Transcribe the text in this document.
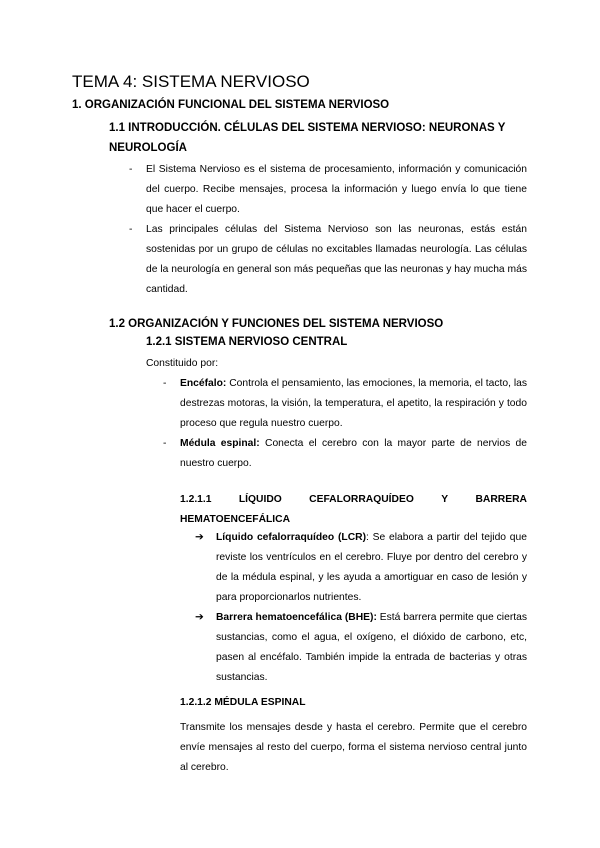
TEMA 4: SISTEMA NERVIOSO
1. ORGANIZACIÓN FUNCIONAL DEL SISTEMA NERVIOSO
1.1 INTRODUCCIÓN. CÉLULAS DEL SISTEMA NERVIOSO: NEURONAS Y NEUROLOGÍA
- El Sistema Nervioso es el sistema de procesamiento, información y comunicación del cuerpo. Recibe mensajes, procesa la información y luego envía lo que tiene que hacer el cuerpo.

- Las principales células del Sistema Nervioso son las neuronas, estás están sostenidas por un grupo de células no excitables llamadas neurología. Las células de la neurología en general son más pequeñas que las neuronas y hay mucha más cantidad.

1.2 ORGANIZACIÓN Y FUNCIONES DEL SISTEMA NERVIOSO
1.2.1 SISTEMA NERVIOSO CENTRAL

Constituido por:

- Encéfalo: Controla el pensamiento, las emociones, la memoria, el tacto, las destrezas motoras, la visión, la temperatura, el apetito, la respiración y todo proceso que regula nuestro cuerpo.

- Médula espinal: Conecta el cerebro con la mayor parte de nervios de nuestro cuerpo.

1.2.1.1	LÍQUIDO	CEFALORRAQUÍDEO	Y	BARRERA
HEMATOENCEFÁLICA
➔ Líquido cefalorraquídeo (LCR): Se elabora a partir del tejido que reviste los ventrículos en el cerebro. Fluye por dentro del cerebro y de la médula espinal, y les ayuda a amortiguar en caso de lesión y para proporcionarlos nutrientes.

➔ Barrera hematoencefálica (BHE): Está barrera permite que ciertas sustancias, como el agua, el oxígeno, el dióxido de carbono, etc, pasen al encéfalo. También impide la entrada de bacterias y otras sustancias.

1.2.1.2 MÉDULA ESPINAL

Transmite los mensajes desde y hasta el cerebro. Permite que el cerebro envíe mensajes al resto del cuerpo, forma el sistema nervioso central junto al cerebro.
